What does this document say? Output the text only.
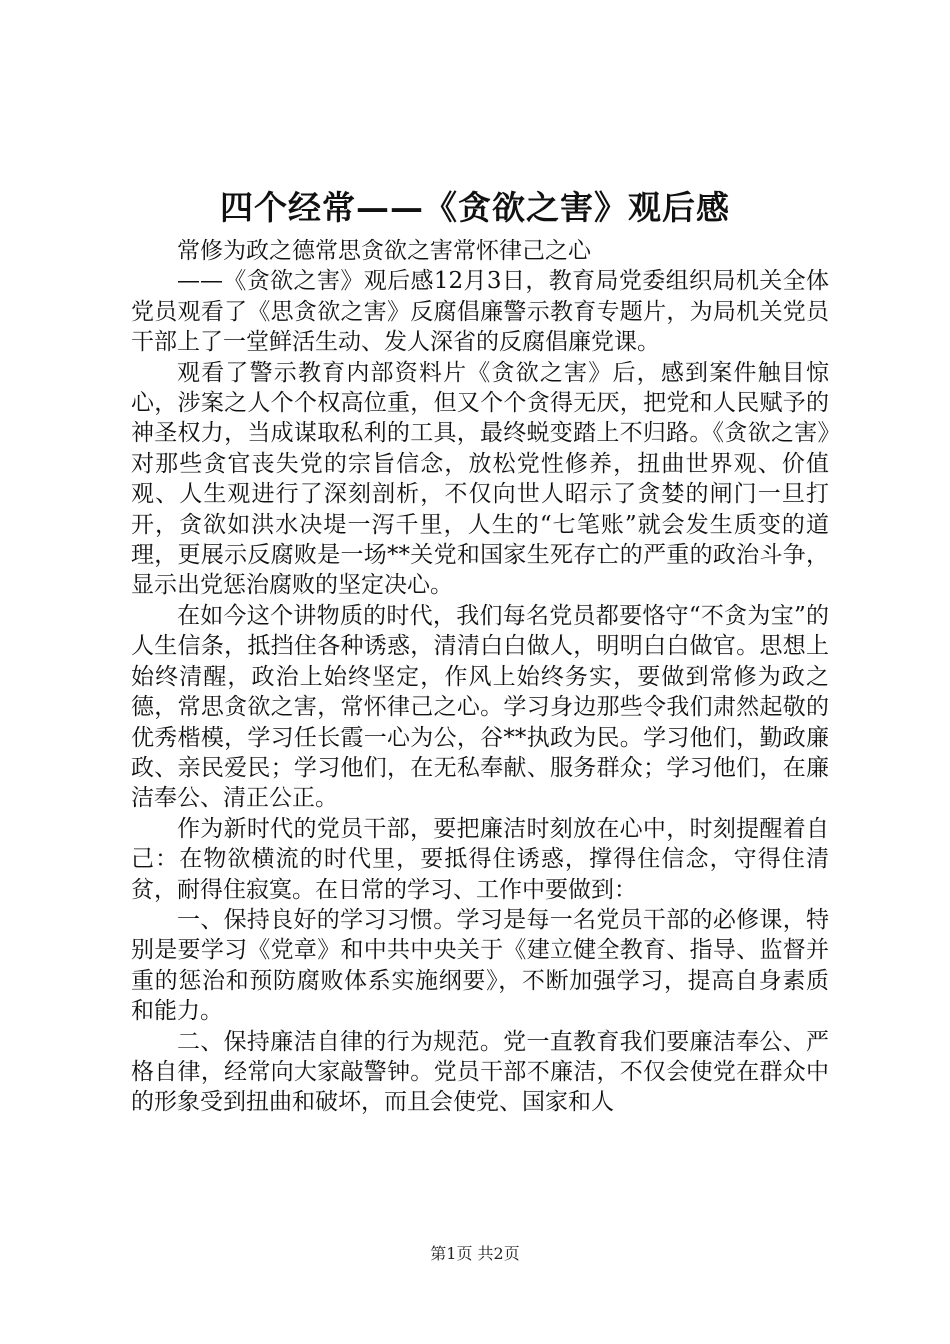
四个经常——《贪欲之害》观后感

常修为政之德常思贪欲之害常怀律己之心

——《贪欲之害》观后感12月3日，教育局党委组织局机关全体党员观看了《思贪欲之害》反腐倡廉警示教育专题片，为局机关党员干部上了一堂鲜活生动、发人深省的反腐倡廉党课。

观看了警示教育内部资料片《贪欲之害》后，感到案件触目惊心，涉案之人个个权高位重，但又个个贪得无厌，把党和人民赋予的神圣权力，当成谋取私利的工具，最终蜕变踏上不归路。《贪欲之害》对那些贪官丧失党的宗旨信念，放松党性修养，扭曲世界观、价值观、人生观进行了深刻剖析，不仅向世人昭示了贪婪的闸门一旦打开，贪欲如洪水决堤一泻千里，人生的“七笔账”就会发生质变的道理，更展示反腐败是一场**关党和国家生死存亡的严重的政治斗争，显示出党惩治腐败的坚定决心。

在如今这个讲物质的时代，我们每名党员都要恪守“不贪为宝”的人生信条，抵挡住各种诱惑，清清白白做人，明明白白做官。思想上始终清醒，政治上始终坚定，作风上始终务实，要做到常修为政之德，常思贪欲之害，常怀律己之心。学习身边那些令我们肃然起敬的优秀楷模，学习任长霞一心为公，谷**执政为民。学习他们，勤政廉政、亲民爱民；学习他们，在无私奉献、服务群众；学习他们，在廉洁奉公、清正公正。

作为新时代的党员干部，要把廉洁时刻放在心中，时刻提醒着自己：在物欲横流的时代里，要抵得住诱惑，撑得住信念，守得住清贫，耐得住寂寞。在日常的学习、工作中要做到：

一、保持良好的学习习惯。学习是每一名党员干部的必修课，特别是要学习《党章》和中共中央关于《建立健全教育、指导、监督并重的惩治和预防腐败体系实施纲要》，不断加强学习，提高自身素质和能力。

二、保持廉洁自律的行为规范。党一直教育我们要廉洁奉公、严格自律，经常向大家敲警钟。党员干部不廉洁，不仅会使党在群众中的形象受到扭曲和破坏，而且会使党、国家和人

第1页 共2页
